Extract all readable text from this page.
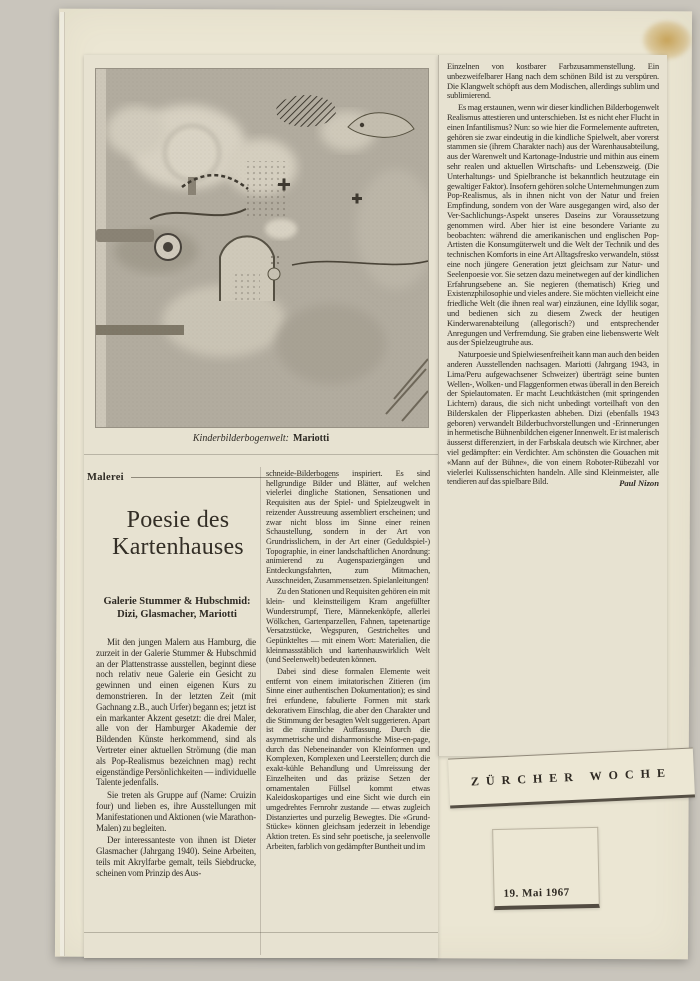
Kinderbilderbogenwelt: Mariotti
Malerei
Poesie des Kartenhauses
Galerie Stummer & Hubschmid:
Dizi, Glasmacher, Mariotti

Mit den jungen Malern aus Hamburg, die zurzeit in der Galerie Stummer & Hubschmid an der Plattenstrasse ausstellen, beginnt diese noch relativ neue Galerie ein Gesicht zu gewinnen und einen eigenen Kurs zu demonstrieren. In der letzten Zeit (mit Gachnang z.B., auch Urfer) begann es; jetzt ist ein markanter Akzent gesetzt: die drei Maler, alle von der Hamburger Akademie der Bildenden Künste herkommend, sind als Vertreter einer aktuellen Strömung (die man als Pop-Realismus bezeichnen mag) recht eigenständige Persönlichkeiten — individuelle Talente jedenfalls.

Sie treten als Gruppe auf (Name: Cruizin four) und lieben es, ihre Ausstellungen mit Manifestationen und Aktionen (wie Marathon-Malen) zu begleiten.

Der interessanteste von ihnen ist Dieter Glasmacher (Jahrgang 1940). Seine Arbeiten, teils mit Akrylfarbe gemalt, teils Siebdrucke, scheinen vom Prinzip des Aus-

schneide-Bilderbogens inspiriert. Es sind hellgrundige Bilder und Blätter, auf welchen vielerlei dingliche Stationen, Sensationen und Requisiten aus der Spiel- und Spielzeugwelt in reizender Ausstreuung assembliert erscheinen; und zwar nicht bloss im Sinne einer reinen Schaustellung, sondern in der Art von Grundrisslichem, in der Art einer (Geduldspiel-) Topographie, in einer landschaftlichen Anordnung: animierend zu Augenspaziergängen und Entdeckungsfahrten, zum Mitmachen, Ausschneiden, Zusammensetzen. Spielanleitungen!

Zu den Stationen und Requisiten gehören ein mit klein- und kleinstteiligem Kram angefüllter Wunderstrumpf, Tiere, Männekenköpfe, allerlei Wölkchen, Gartenparzellen, Fahnen, tapetenartige Versatzstücke, Wegspuren, Gestricheltes und Gepünkteltes — mit einem Wort: Materialien, die kleinmassstäblich und kartenhauswirklich Welt (und Seelenwelt) bedeuten können.

Dabei sind diese formalen Elemente weit entfernt von einem imitatorischen Zitieren (im Sinne einer authentischen Dokumentation); es sind frei erfundene, fabulierte Formen mit stark dekorativem Einschlag, die aber den Charakter und die Stimmung der besagten Welt suggerieren. Apart ist die räumliche Auffassung. Durch die asymmetrische und disharmonische Mise-en-page, durch das Nebeneinander von Kleinformen und Komplexen, Komplexen und Leerstellen; durch die exakt-kühle Behandlung und Umreissung der Einzelheiten und das präzise Setzen der ornamentalen Füllsel kommt etwas Kaleidoskopartiges und eine Sicht wie durch ein umgedrehtes Fernrohr zustande — etwas zugleich Distanziertes und purzelig Bewegtes. Die «Grund-Stücke» können gleichsam jederzeit in lebendige Aktion treten. Es sind sehr poetische, ja seelenvolle Arbeiten, farblich von gedämpfter Buntheit und im

Einzelnen von kostbarer Farbzusammenstellung. Ein unbezweifelbarer Hang nach dem schönen Bild ist zu verspüren. Die Klangwelt schöpft aus dem Modischen, allerdings sublim und sublimierend.

Es mag erstaunen, wenn wir dieser kindlichen Bilderbogenwelt Realismus attestieren und unterschieben. Ist es nicht eher Flucht in einen Infantilismus? Nun: so wie hier die Formelemente auftreten, gehören sie zwar eindeutig in die kindliche Spielwelt, aber vorerst stammen sie (ihrem Charakter nach) aus der Warenhausabteilung, aus der Warenwelt und Kartonage-Industrie und mithin aus einem sehr realen und aktuellen Wirtschafts- und Lebenszweig. (Die Unterhaltungs- und Spielbranche ist bekanntlich heutzutage ein gewaltiger Faktor). Insofern gehören solche Unternehmungen zum Pop-Realismus, als in ihnen nicht von der Natur und freien Empfindung, sondern von der Ware ausgegangen wird, also der Ver-Sachlichungs-Aspekt unseres Daseins zur Voraussetzung genommen wird. Aber hier ist eine besondere Variante zu beobachten: während die amerikanischen und englischen Pop-Artisten die Konsumgüterwelt und die Welt der Technik und des technischen Komforts in eine Art Alltagsfresko verwandeln, stösst eine noch jüngere Generation jetzt gleichsam zur Natur- und Seelenpoesie vor. Sie setzen dazu meinetwegen auf der kindlichen Erfahrungsebene an. Sie negieren (thematisch) Krieg und Existenzphilosophie und vieles andere. Sie möchten vielleicht eine friedliche Welt (die ihnen real war) einzäunen, eine Idyllik sogar, und bedienen sich zu diesem Zweck der heutigen Kinderwarenabteilung (allegorisch?) und entsprechender Anregungen und Verfremdung. Sie graben eine liebenswerte Welt aus der Spielzeugtruhe aus.

Naturpoesie und Spielwiesenfreiheit kann man auch den beiden anderen Ausstellenden nachsagen. Mariotti (Jahrgang 1943, in Lima/Peru aufgewachsener Schweizer) überträgt seine bunten Wellen-, Wolken- und Flaggenformen etwas überall in den Bereich der Spielautomaten. Er macht Leuchtkästchen (mit springenden Lichtern) daraus, die sich nicht unbedingt vorteilhaft von den Bilderskalen der Flipperkasten abheben. Dizi (ebenfalls 1943 geboren) verwandelt Bilderbuchvorstellungen und -Erinnerungen in hermetische Bühnenbildchen eigener Innenwelt. Er ist malerisch äusserst differenziert, in der Farbskala deutsch wie Kirchner, aber viel gedämpfter: ein Verdichter. Am schönsten die Gouachen mit «Mann auf der Bühne», die von einem Roboter-Rübezahl vor vielerlei Kulissenschichten handeln. Alle sind Kleinmeister, alle tendieren auf das spielbare Bild.	Paul Nizon
ZÜRCHER WOCHE
19. Mai 1967
